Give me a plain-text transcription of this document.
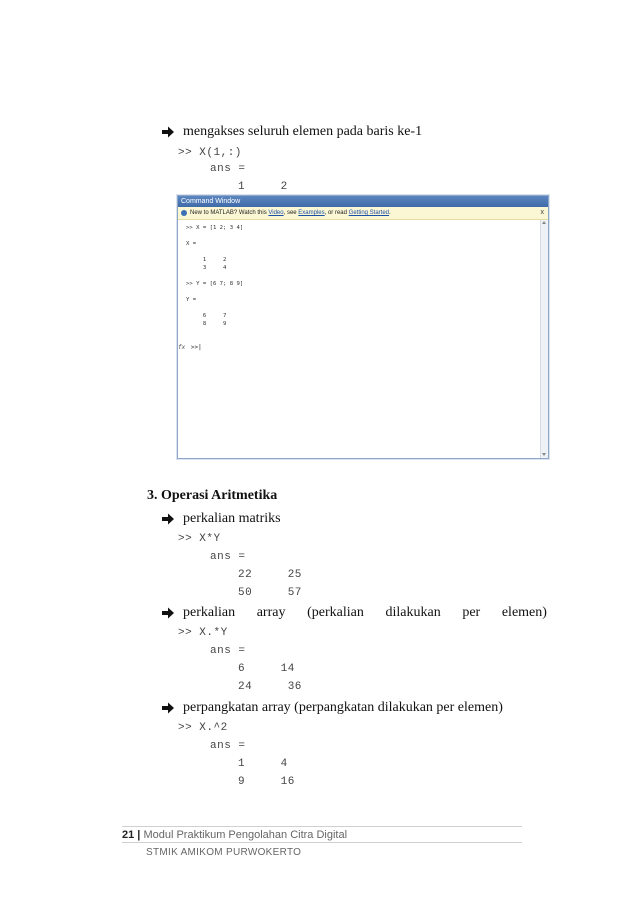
mengakses seluruh elemen pada baris ke-1
>> X(1,:)
ans =
1     2
Command Window
New to MATLAB? Watch this Video, see Examples, or read Getting Started.	x
>> X = [1 2; 3 4]

X =

1     2
3     4

>> Y = [6 7; 8 9]

Y =

6     7
8     9

fx >>|
3. Operasi Aritmetika
perkalian matriks
>> X*Y
ans =
22     25
50     57
perkalian array (perkalian dilakukan per elemen)
>> X.*Y
ans =
6     14
24     36
perpangkatan array (perpangkatan dilakukan per elemen)
>> X.^2
ans =
1     4
9     16
21 | Modul Praktikum Pengolahan Citra Digital
STMIK AMIKOM PURWOKERTO
